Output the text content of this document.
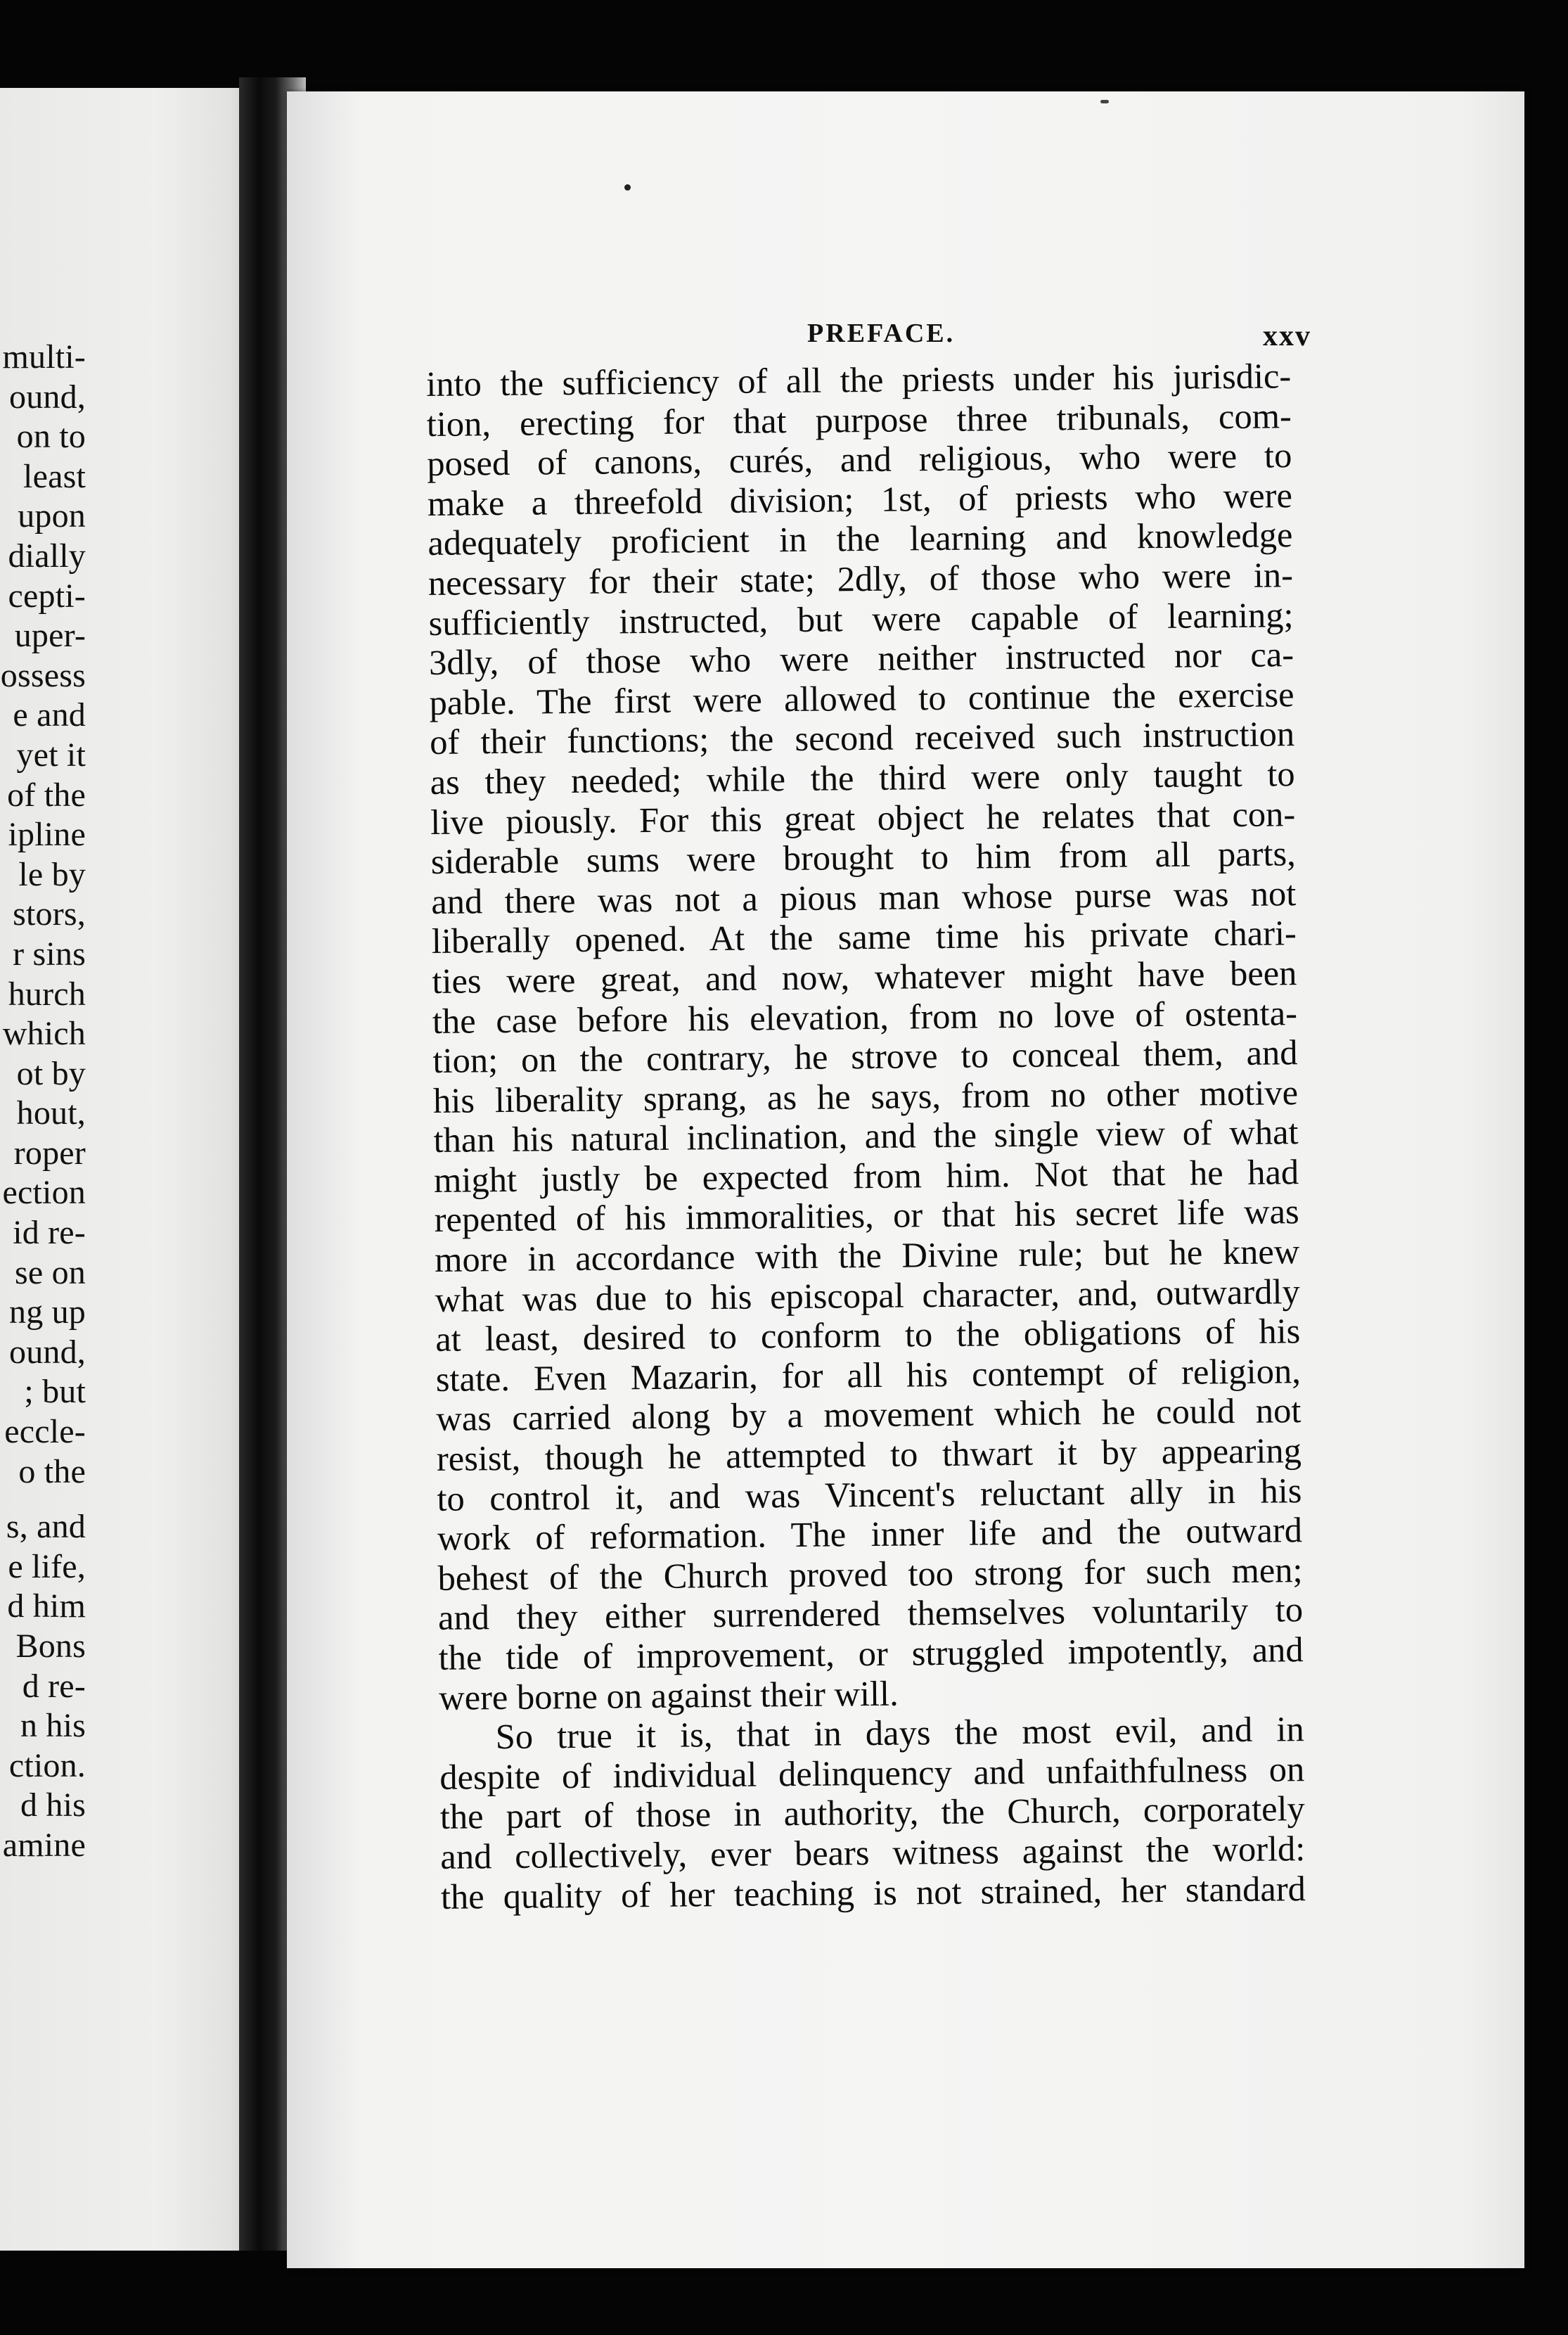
multi-
ound,
on to
least
upon
dially
cepti-
uper-
ossess
e and
yet it
of the
ipline
le by
stors,
r sins
hurch
which
ot by
hout,
roper
ection
id re-
se on
ng up
ound,
; but
eccle-
o the
s, and
e life,
d him
Bons
d re-
n his
ction.
d his
amine
PREFACE.	xxv
into the sufficiency of all the priests under his jurisdic-
tion, erecting for that purpose three tribunals, com-
posed of canons, curés, and religious, who were to
make a threefold division; 1st, of priests who were
adequately proficient in the learning and knowledge
necessary for their state; 2dly, of those who were in-
sufficiently instructed, but were capable of learning;
3dly, of those who were neither instructed nor ca-
pable. The first were allowed to continue the exercise
of their functions; the second received such instruction
as they needed; while the third were only taught to
live piously. For this great object he relates that con-
siderable sums were brought to him from all parts,
and there was not a pious man whose purse was not
liberally opened. At the same time his private chari-
ties were great, and now, whatever might have been
the case before his elevation, from no love of ostenta-
tion; on the contrary, he strove to conceal them, and
his liberality sprang, as he says, from no other motive
than his natural inclination, and the single view of what
might justly be expected from him. Not that he had
repented of his immoralities, or that his secret life was
more in accordance with the Divine rule; but he knew
what was due to his episcopal character, and, outwardly
at least, desired to conform to the obligations of his
state. Even Mazarin, for all his contempt of religion,
was carried along by a movement which he could not
resist, though he attempted to thwart it by appearing
to control it, and was Vincent's reluctant ally in his
work of reformation. The inner life and the outward
behest of the Church proved too strong for such men;
and they either surrendered themselves voluntarily to
the tide of improvement, or struggled impotently, and
were borne on against their will.
So true it is, that in days the most evil, and in
despite of individual delinquency and unfaithfulness on
the part of those in authority, the Church, corporately
and collectively, ever bears witness against the world:
the quality of her teaching is not strained, her standard
